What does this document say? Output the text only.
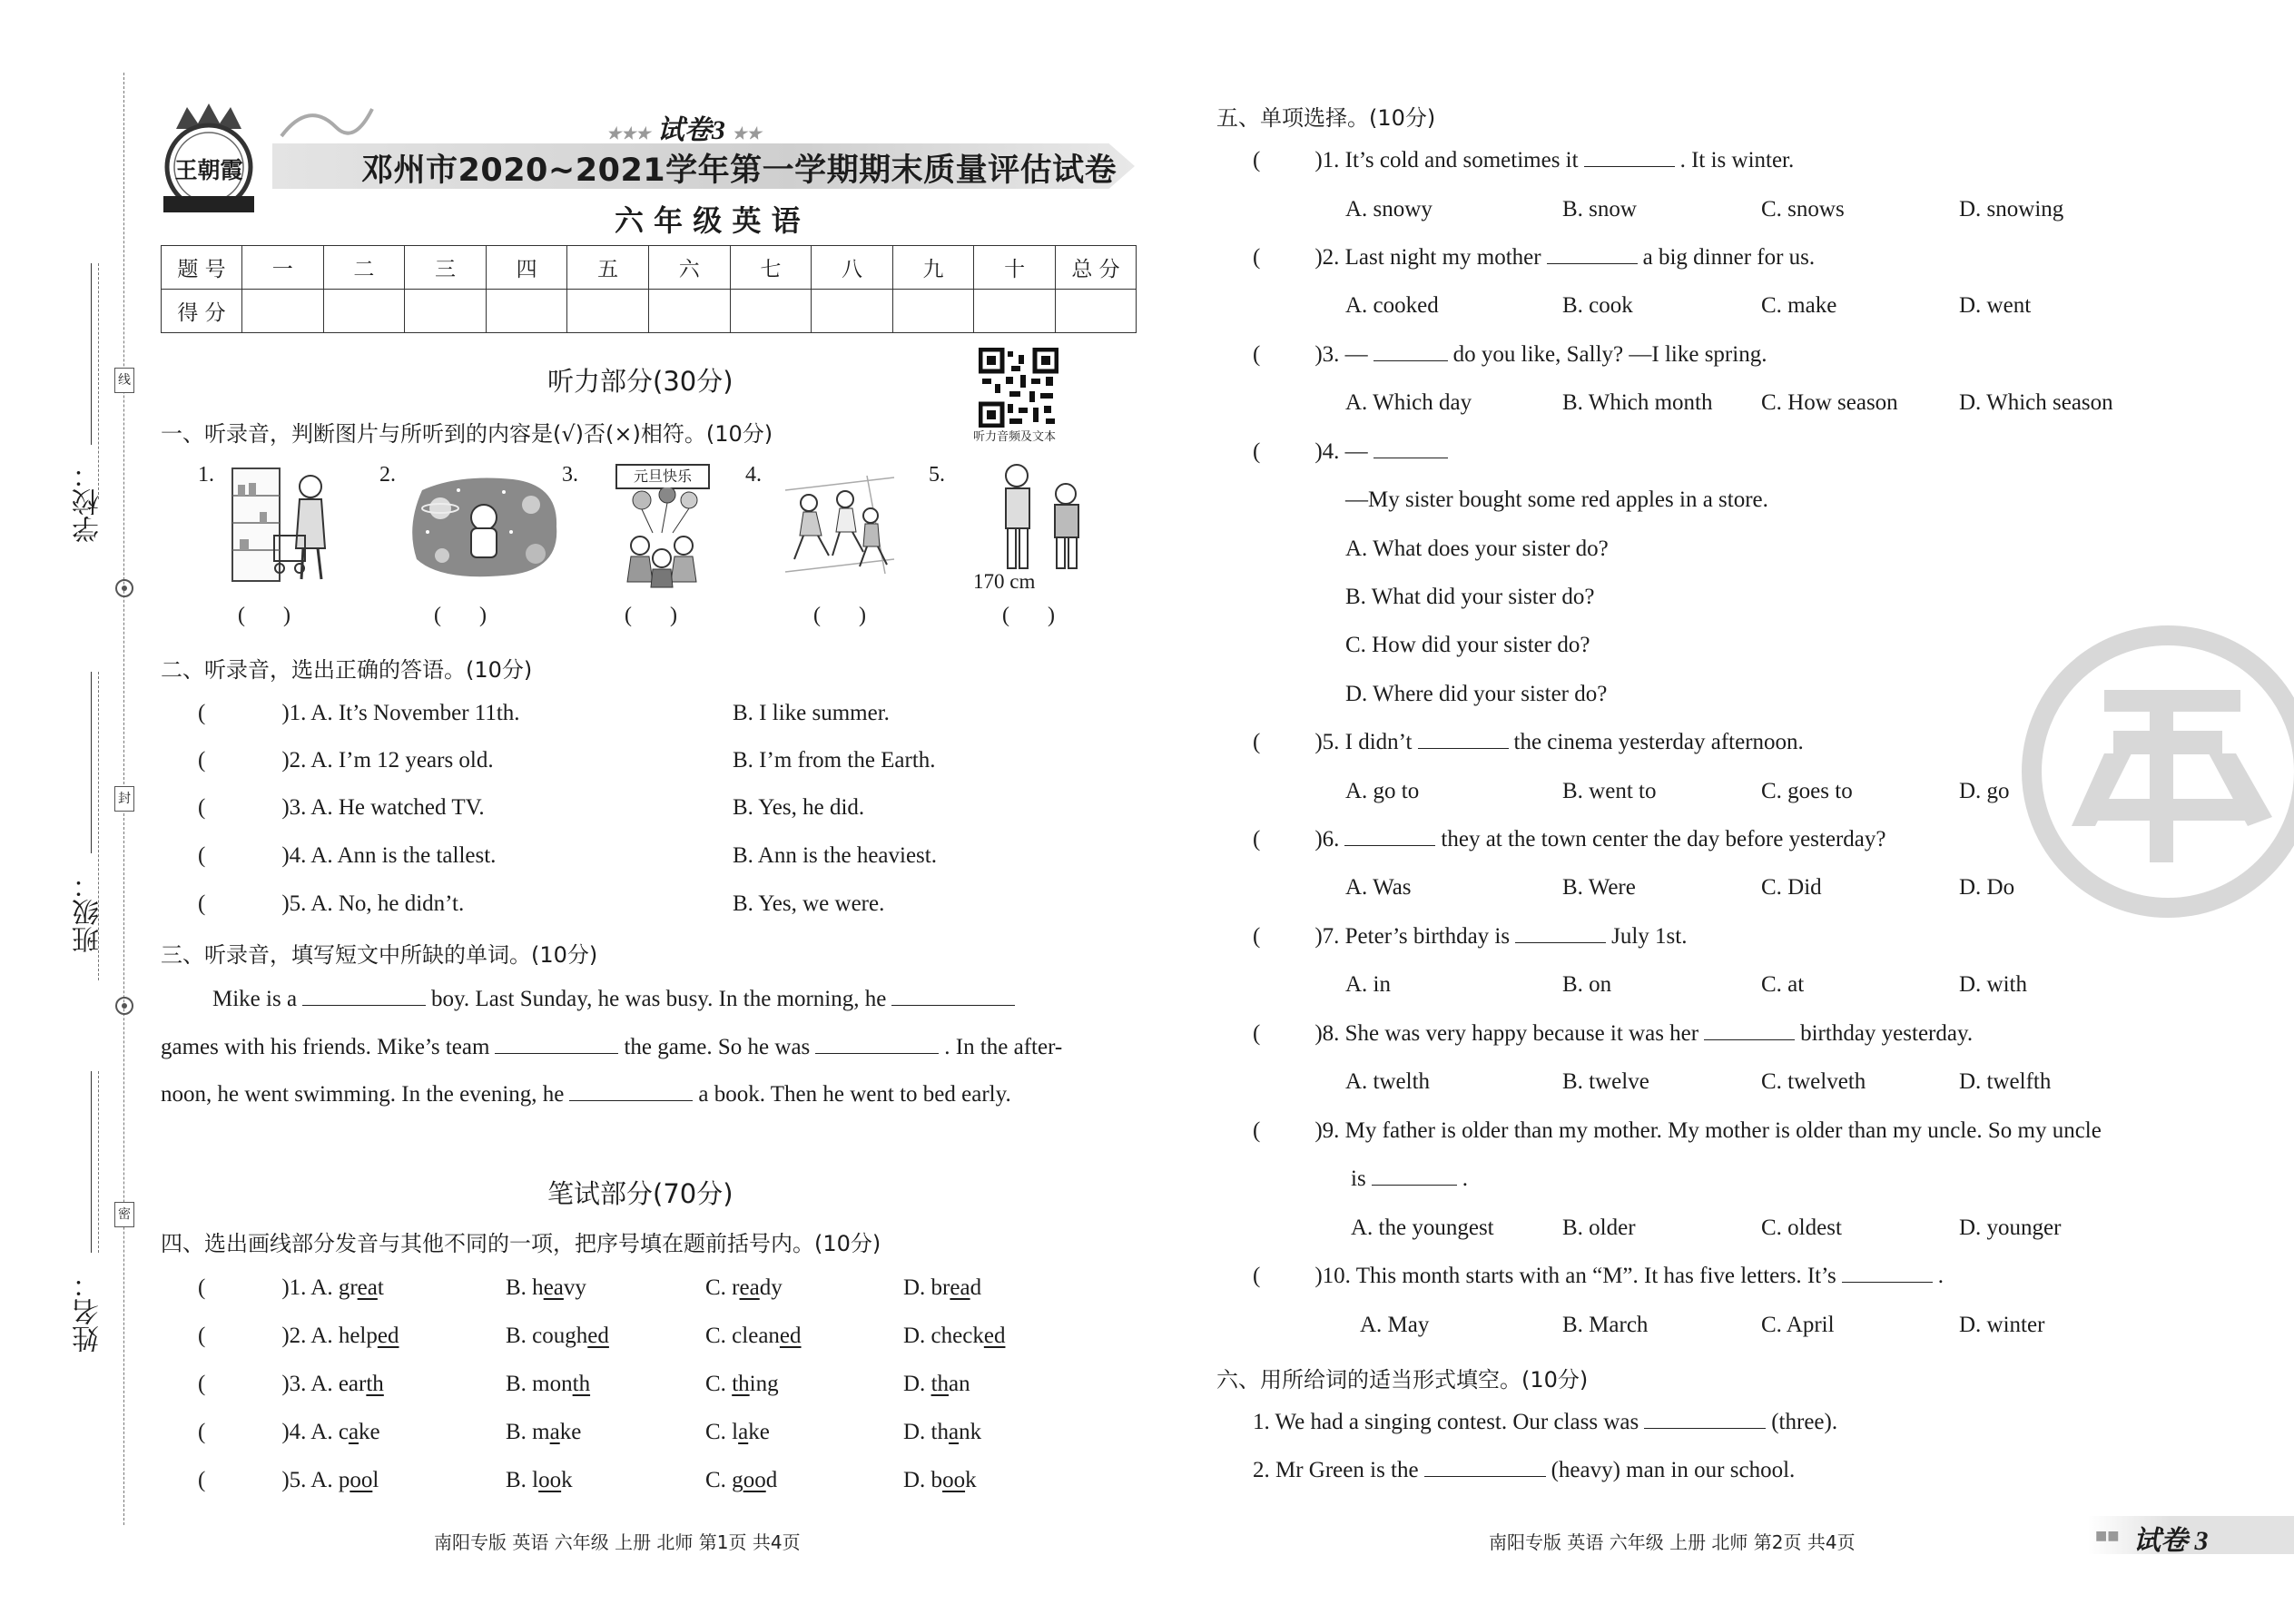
学校：
班级：
姓名：
线
封
密
王朝霞
★★★ 试卷3 ★★
邓州市2020~2021学年第一学期期末质量评估试卷
六 年 级 英 语
题 号	一	二	三	四	五	六	七	八	九	十	总 分
得 分											
听力部分(30分)
听力音频及文本
一、听录音，判断图片与所听到的内容是(√)否(×)相符。(10分)
1.	2.	3.	4.	5.
元旦快乐
170 cm
(       )	(       )	(       )	(       )	(       )
二、听录音，选出正确的答语。(10分)
(	)1. A. It’s November 11th.	B. I like summer.
(	)2. A. I’m 12 years old.	B. I’m from the Earth.
(	)3. A. He watched TV.	B. Yes, he did.
(	)4. A. Ann is the tallest.	B. Ann is the heaviest.
(	)5. A. No, he didn’t.	B. Yes, we were.
三、听录音，填写短文中所缺的单词。(10分)
Mike is a	boy. Last Sunday, he was busy. In the morning, he
games with his friends. Mike’s team	the game. So he was	. In the after-
noon, he went swimming. In the evening, he	a book. Then he went to bed early.
笔试部分(70分)
四、选出画线部分发音与其他不同的一项，把序号填在题前括号内。(10分)
(	)1. A. great	B. heavy	C. ready	D. bread
(	)2. A. helped	B. coughed	C. cleaned	D. checked
(	)3. A. earth	B. month	C. thing	D. than
(	)4. A. cake	B. make	C. lake	D. thank
(	)5. A. pool	B. look	C. good	D. book
南阳专版 英语 六年级 上册 北师 第1页 共4页
五、单项选择。(10分)
( )1. It’s cold and sometimes it	. It is winter.
A. snowy	B. snow	C. snows	D. snowing
( )2. Last night my mother	a big dinner for us.
A. cooked	B. cook	C. make	D. went
( )3. —	do you like, Sally? —I like spring.
A. Which day	B. Which month C. How season	D. Which season
( )4. —
—My sister bought some red apples in a store.
A. What does your sister do?
B. What did your sister do?
C. How did your sister do?
D. Where did your sister do?
( )5. I didn’t	the cinema yesterday afternoon.
A. go to	B. went to	C. goes to	D. go
( )6.	they at the town center the day before yesterday?
A. Was	B. Were	C. Did	D. Do
( )7. Peter’s birthday is	July 1st.
A. in	B. on	C. at	D. with
( )8. She was very happy because it was her	birthday yesterday.
A. twelth	B. twelve	C. twelveth	D. twelfth
( )9. My father is older than my mother. My mother is older than my uncle. So my uncle
is	.
A. the youngest	B. older	C. oldest	D. younger
( )10. This month starts with an “M”. It has five letters. It’s	.
A. May	B. March	C. April	D. winter
六、用所给词的适当形式填空。(10分)
1. We had a singing contest. Our class was	(three).
2. Mr Green is the	(heavy) man in our school.
南阳专版 英语 六年级 上册 北师 第2页 共4页	■■ 试卷 3
